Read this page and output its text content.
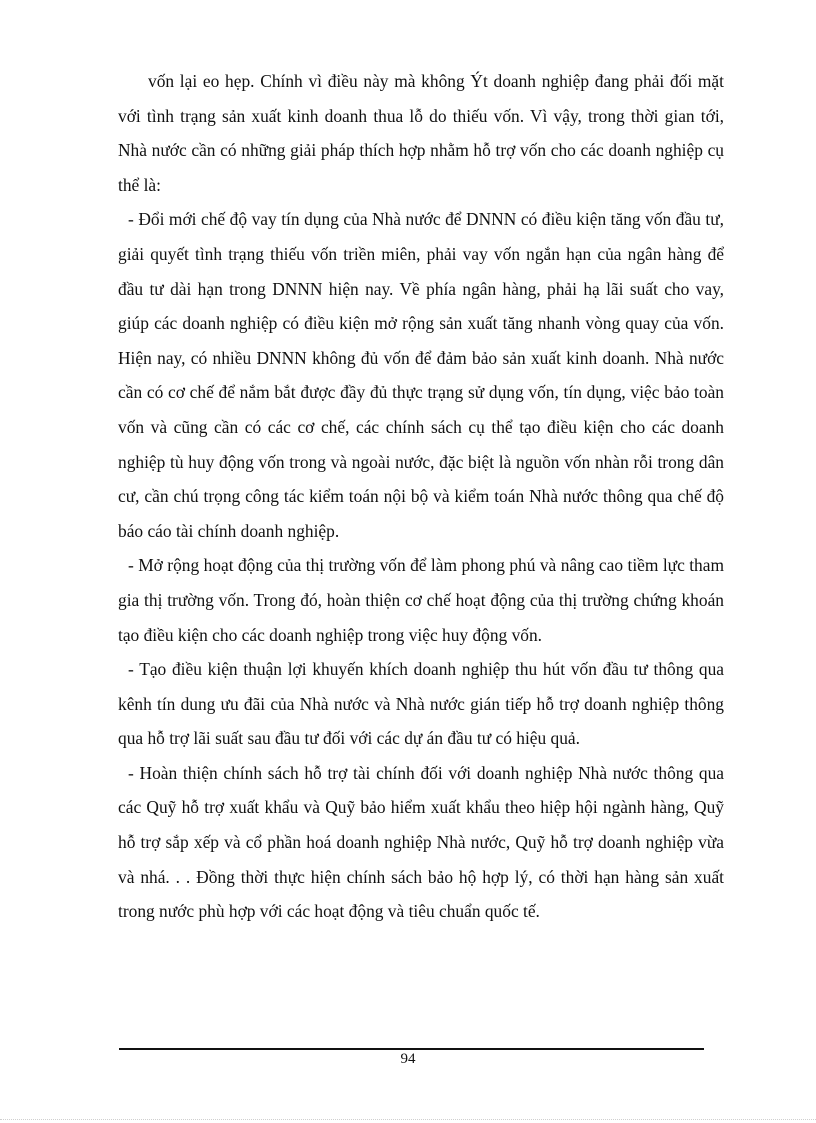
vốn lại eo hẹp. Chính vì điều này mà không Ýt doanh nghiệp đang phải đối mặt với tình trạng sản xuất kinh doanh thua lỗ do thiếu vốn. Vì vậy, trong thời gian tới, Nhà nước cần có những giải pháp thích hợp nhằm hỗ trợ vốn cho các doanh nghiệp cụ thể là:

- Đổi mới chế độ vay tín dụng của Nhà nước để DNNN có điều kiện tăng vốn đầu tư, giải quyết tình trạng thiếu vốn triền miên, phải vay vốn ngắn hạn của ngân hàng để đầu tư dài hạn trong DNNN hiện nay. Về phía ngân hàng, phải hạ lãi suất cho vay, giúp các doanh nghiệp có điều kiện mở rộng sản xuất tăng nhanh vòng quay của vốn. Hiện nay, có nhiều DNNN không đủ vốn để đảm bảo sản xuất kinh doanh. Nhà nước cần có cơ chế để nắm bắt được đầy đủ thực trạng sử dụng vốn, tín dụng, việc bảo toàn vốn và cũng cần có các cơ chế, các chính sách cụ thể tạo điều kiện cho các doanh nghiệp tù huy động vốn trong và ngoài nước, đặc biệt là nguồn vốn nhàn rỗi trong dân cư, cần chú trọng công tác kiểm toán nội bộ và kiểm toán Nhà nước thông qua chế độ báo cáo tài chính doanh nghiệp.

- Mở rộng hoạt động của thị trường vốn để làm phong phú và nâng cao tiềm lực tham gia thị trường vốn. Trong đó, hoàn thiện cơ chế hoạt động của thị trường chứng khoán tạo điều kiện cho các doanh nghiệp trong việc huy động vốn.

- Tạo điều kiện thuận lợi khuyến khích doanh nghiệp thu hút vốn đầu tư thông qua kênh tín dung ưu đãi của Nhà nước và Nhà nước gián tiếp hỗ trợ doanh nghiệp thông qua hỗ trợ lãi suất sau đầu tư đối với các dự án đầu tư có hiệu quả.

- Hoàn thiện chính sách hỗ trợ tài chính đối với doanh nghiệp Nhà nước thông qua các Quỹ hỗ trợ xuất khẩu và Quỹ bảo hiểm xuất khẩu theo hiệp hội ngành hàng, Quỹ hỗ trợ sắp xếp và cổ phần hoá doanh nghiệp Nhà nước, Quỹ hỗ trợ doanh nghiệp vừa và nhá. . . Đồng thời thực hiện chính sách bảo hộ hợp lý, có thời hạn hàng sản xuất trong nước phù hợp với các hoạt động và tiêu chuẩn quốc tế.

94
